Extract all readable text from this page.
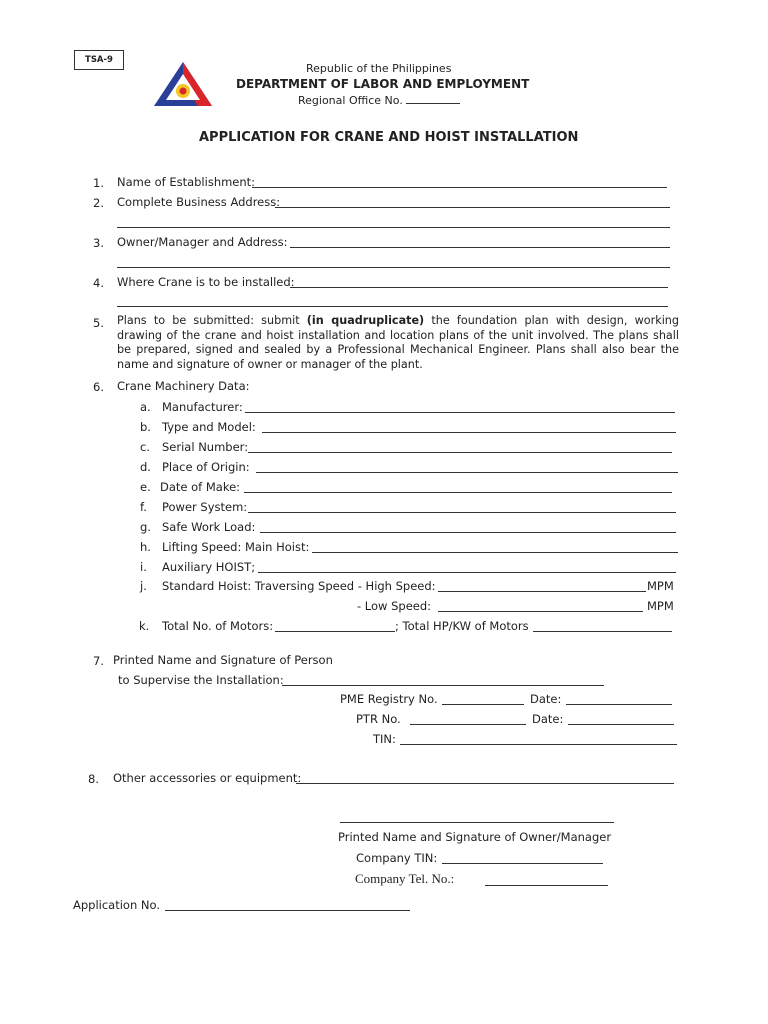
TSA-9
Republic of the Philippines
DEPARTMENT OF LABOR AND EMPLOYMENT
Regional Office No.
APPLICATION FOR CRANE AND HOIST INSTALLATION
1. Name of Establishment:
2. Complete Business Address:
3. Owner/Manager and Address:
4. Where Crane is to be installed:
5. Plans to be submitted: submit (in quadruplicate) the foundation plan with design, working drawing of the crane and hoist installation and location plans of the unit involved. The plans shall be prepared, signed and sealed by a Professional Mechanical Engineer. Plans shall also bear the name and signature of owner or manager of the plant.
6. Crane Machinery Data:
a. Manufacturer:
b. Type and Model:
c. Serial Number:
d. Place of Origin:
e. Date of Make:
f. Power System:
g. Safe Work Load:
h. Lifting Speed: Main Hoist:
i. Auxiliary HOIST;
j. Standard Hoist: Traversing Speed - High Speed:	MPM
- Low Speed:	MPM
k. Total No. of Motors:	; Total HP/KW of Motors
7. Printed Name and Signature of Person
to Supervise the Installation:
PME Registry No.	Date:
PTR No.	Date:
TIN:
8. Other accessories or equipment:
Printed Name and Signature of Owner/Manager
Company TIN:
Company Tel. No.:
Application No.
